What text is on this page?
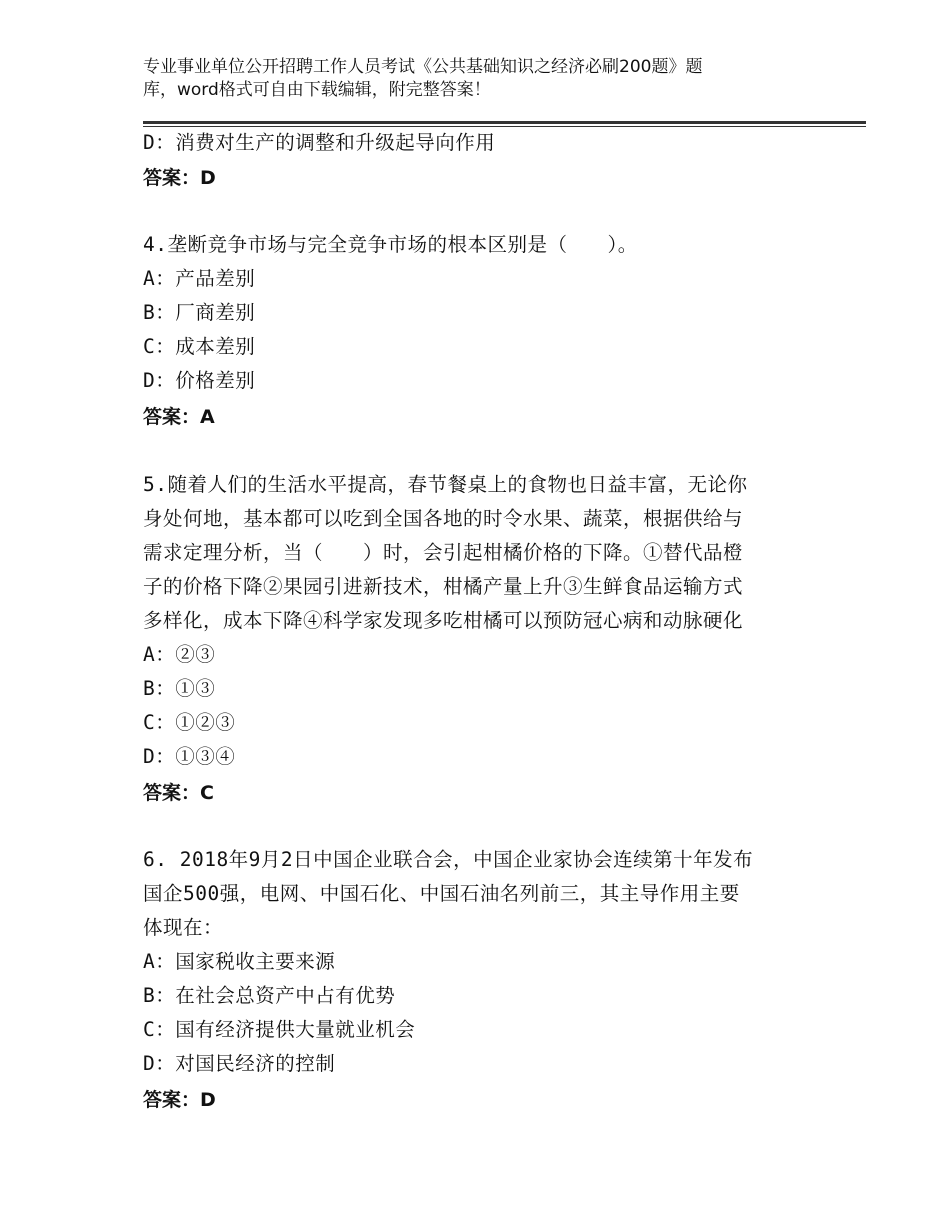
专业事业单位公开招聘工作人员考试《公共基础知识之经济必刷200题》题
库，word格式可自由下载编辑，附完整答案！
D：消费对生产的调整和升级起导向作用
答案：D
4.垄断竞争市场与完全竞争市场的根本区别是（　　）。
A：产品差别
B：厂商差别
C：成本差别
D：价格差别
答案：A
5.随着人们的生活水平提高，春节餐桌上的食物也日益丰富，无论你
身处何地，基本都可以吃到全国各地的时令水果、蔬菜，根据供给与
需求定理分析，当（　　）时，会引起柑橘价格的下降。①替代品橙
子的价格下降②果园引进新技术，柑橘产量上升③生鲜食品运输方式
多样化，成本下降④科学家发现多吃柑橘可以预防冠心病和动脉硬化
A：②③
B：①③
C：①②③
D：①③④
答案：C
6. 2018年9月2日中国企业联合会，中国企业家协会连续第十年发布
国企500强，电网、中国石化、中国石油名列前三，其主导作用主要
体现在：
A：国家税收主要来源
B：在社会总资产中占有优势
C：国有经济提供大量就业机会
D：对国民经济的控制
答案：D
